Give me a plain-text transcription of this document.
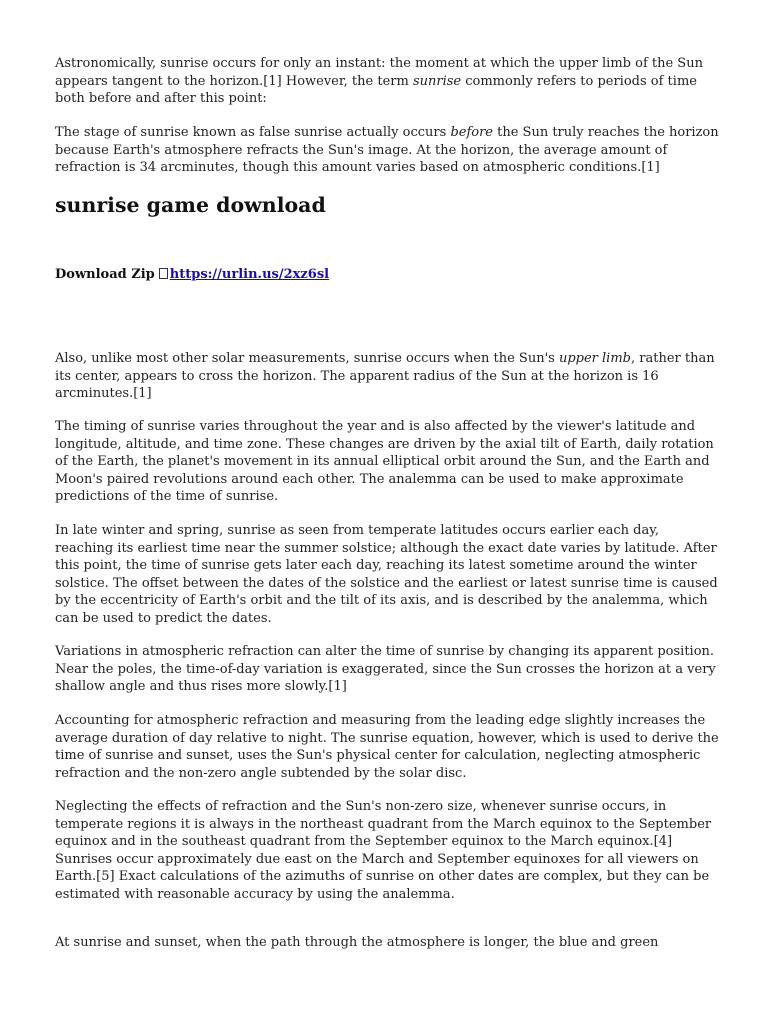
Astronomically, sunrise occurs for only an instant: the moment at which the upper limb of the Sun appears tangent to the horizon.[1] However, the term sunrise commonly refers to periods of time both before and after this point:

The stage of sunrise known as false sunrise actually occurs before the Sun truly reaches the horizon because Earth's atmosphere refracts the Sun's image. At the horizon, the average amount of refraction is 34 arcminutes, though this amount varies based on atmospheric conditions.[1]

sunrise game download
Download Zip https://urlin.us/2xz6sl

Also, unlike most other solar measurements, sunrise occurs when the Sun's upper limb, rather than its center, appears to cross the horizon. The apparent radius of the Sun at the horizon is 16 arcminutes.[1]

The timing of sunrise varies throughout the year and is also affected by the viewer's latitude and longitude, altitude, and time zone. These changes are driven by the axial tilt of Earth, daily rotation of the Earth, the planet's movement in its annual elliptical orbit around the Sun, and the Earth and Moon's paired revolutions around each other. The analemma can be used to make approximate predictions of the time of sunrise.

In late winter and spring, sunrise as seen from temperate latitudes occurs earlier each day, reaching its earliest time near the summer solstice; although the exact date varies by latitude. After this point, the time of sunrise gets later each day, reaching its latest sometime around the winter solstice. The offset between the dates of the solstice and the earliest or latest sunrise time is caused by the eccentricity of Earth's orbit and the tilt of its axis, and is described by the analemma, which can be used to predict the dates.

Variations in atmospheric refraction can alter the time of sunrise by changing its apparent position. Near the poles, the time-of-day variation is exaggerated, since the Sun crosses the horizon at a very shallow angle and thus rises more slowly.[1]

Accounting for atmospheric refraction and measuring from the leading edge slightly increases the average duration of day relative to night. The sunrise equation, however, which is used to derive the time of sunrise and sunset, uses the Sun's physical center for calculation, neglecting atmospheric refraction and the non-zero angle subtended by the solar disc.

Neglecting the effects of refraction and the Sun's non-zero size, whenever sunrise occurs, in temperate regions it is always in the northeast quadrant from the March equinox to the September equinox and in the southeast quadrant from the September equinox to the March equinox.[4] Sunrises occur approximately due east on the March and September equinoxes for all viewers on Earth.[5] Exact calculations of the azimuths of sunrise on other dates are complex, but they can be estimated with reasonable accuracy by using the analemma.

At sunrise and sunset, when the path through the atmosphere is longer, the blue and green
